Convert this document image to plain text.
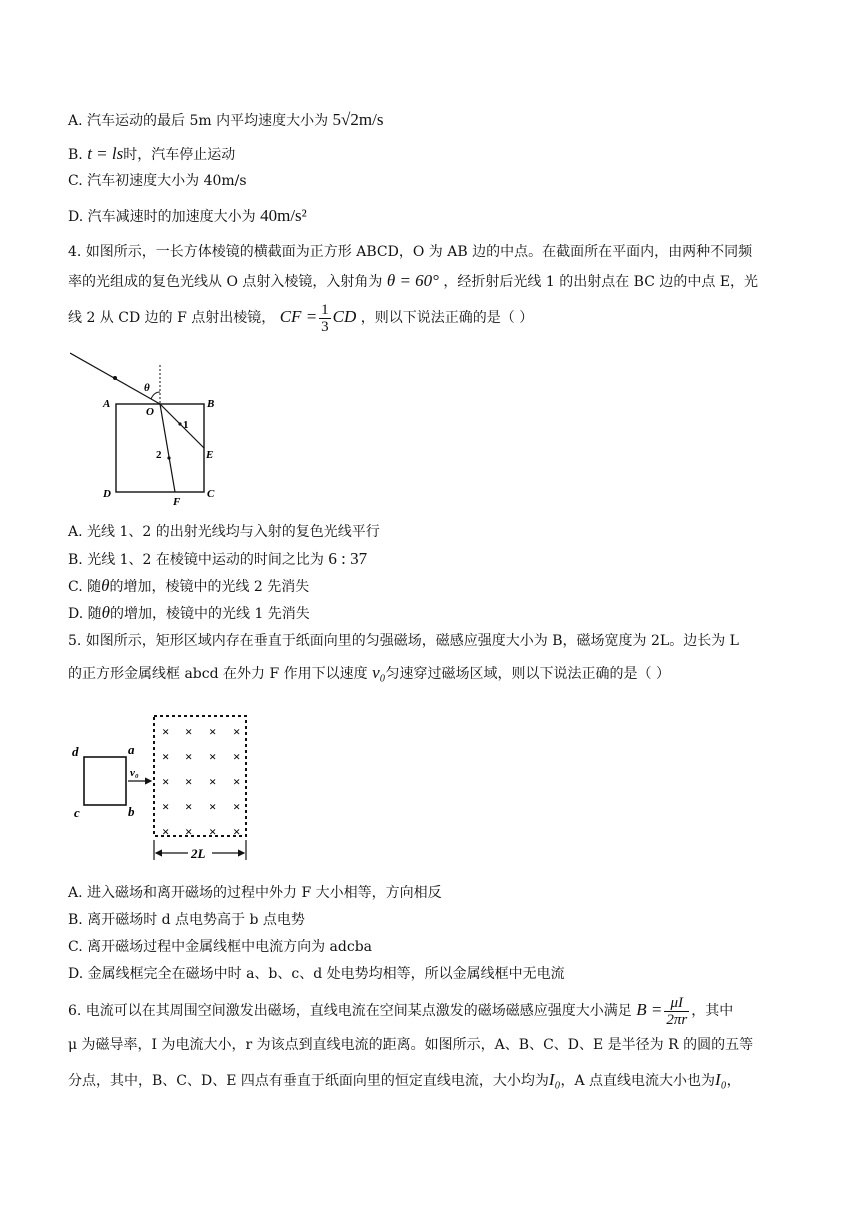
A. 汽车运动的最后 5m 内平均速度大小为 5√2m/s
B. t = ls时，汽车停止运动
C. 汽车初速度大小为 40m/s
D. 汽车减速时的加速度大小为 40m/s²
4. 如图所示，一长方体棱镜的横截面为正方形 ABCD，O 为 AB 边的中点。在截面所在平面内，由两种不同频
率的光组成的复色光线从 O 点射入棱镜，入射角为 θ = 60° ，经折射后光线 1 的出射点在 BC 边的中点 E，光
线 2 从 CD 边的 F 点射出棱镜， CF = $\frac{1}{3}$ CD ，则以下说法正确的是（ ）
θ
A	B
O
1
2	E
D	C
F
A. 光线 1、2 的出射光线均与入射的复色光线平行
B. 光线 1、2 在棱镜中运动的时间之比为 6 : 37
C. 随θ的增加，棱镜中的光线 2 先消失
D. 随θ的增加，棱镜中的光线 1 先消失
5. 如图所示，矩形区域内存在垂直于纸面向里的匀强磁场，磁感应强度大小为 B，磁场宽度为 2L。边长为 L
的正方形金属线框 abcd 在外力 F 作用下以速度 v₀匀速穿过磁场区域，则以下说法正确的是（ ）
d	a
v₀
c	b
× × × ×
× × × ×
× × × ×
× × × ×
× × × ×
2L
A. 进入磁场和离开磁场的过程中外力 F 大小相等，方向相反
B. 离开磁场时 d 点电势高于 b 点电势
C. 离开磁场过程中金属线框中电流方向为 adcba
D. 金属线框完全在磁场中时 a、b、c、d 处电势均相等，所以金属线框中无电流
6. 电流可以在其周围空间激发出磁场，直线电流在空间某点激发的磁场磁感应强度大小满足 $B = \frac{\mu I}{2\pi r}$ ，其中
μ 为磁导率，I 为电流大小，r 为该点到直线电流的距离。如图所示，A、B、C、D、E 是半径为 R 的圆的五等
分点，其中，B、C、D、E 四点有垂直于纸面向里的恒定直线电流，大小均为I₀，A 点直线电流大小也为I₀，
